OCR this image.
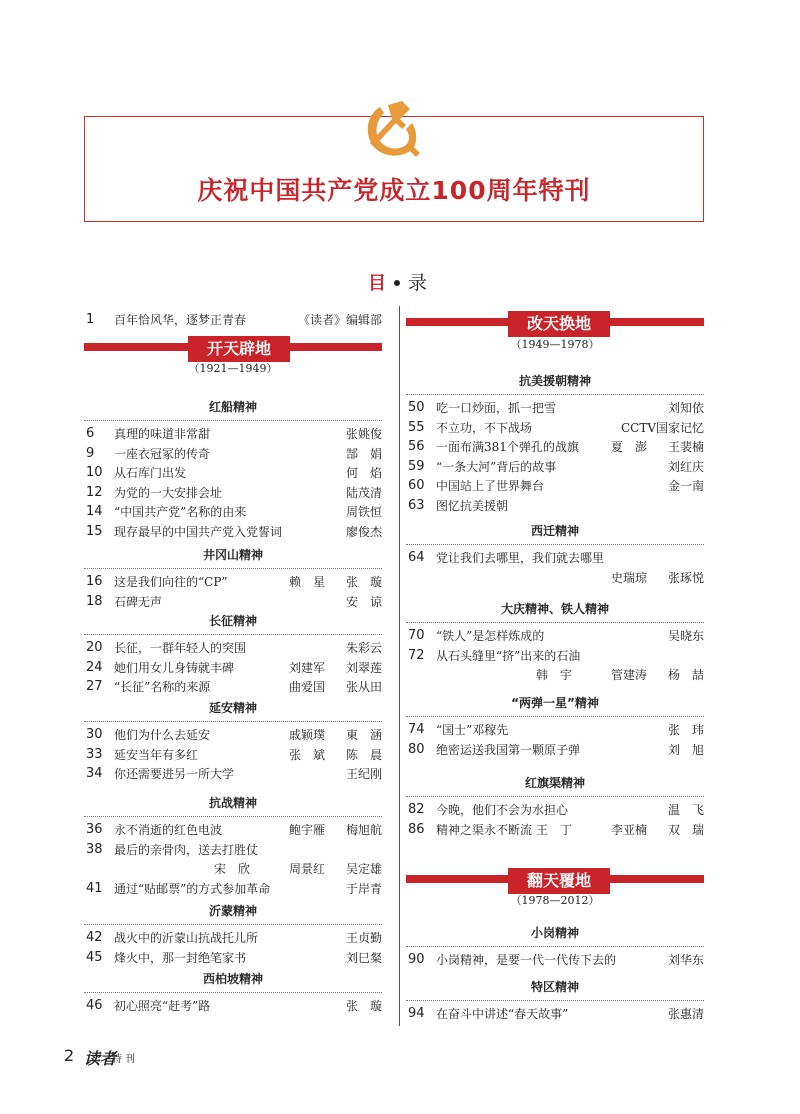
庆祝中国共产党成立100周年特刊
目 录
1 百年恰风华，逐梦正青春	《读者》编辑部
开天辟地
（1921—1949）
红船精神
6 真理的味道非常甜	张姚俊
9 一座衣冠冢的传奇	郜　娟
10 从石库门出发	何　焰
12 为党的一大安排会址	陆茂清
14 “中国共产党”名称的由来	周铁恒
15 现存最早的中国共产党入党誓词	廖俊杰
井冈山精神
16 这是我们向往的“CP”	赖　星 张　璇
18 石碑无声	安　谅
长征精神
20 长征，一群年轻人的突围	朱彩云
24 她们用女儿身铸就丰碑	刘建军 刘翠莲
27 “长征”名称的来源	曲爱国 张从田
延安精神
30 他们为什么去延安	戚颖璞 東　涵
33 延安当年有多红	张　斌 陈　晨
34 你还需要进另一所大学	王纪刚
抗战精神
36 永不消逝的红色电波	鲍宇雁 梅旭航
38 最后的亲骨肉，送去打胜仗
宋　欣	周景红 吴定雄
41 通过“贴邮票”的方式参加革命	于岸青
沂蒙精神
42 战火中的沂蒙山抗战托儿所	王贞勤
45 烽火中，那一封绝笔家书	刘巳粲
西柏坡精神
46 初心照亮“赶考”路	张　璇
改天换地
（1949—1978）
翻天覆地
（1978—2012）
抗美援朝精神
50 吃一口炒面，抓一把雪	刘知依
55 不立功，不下战场	CCTV国家记忆
56 一面布满381个弹孔的战旗	夏　澎 王裴楠
59 “一条大河”背后的故事	刘红庆
60 中国站上了世界舞台	金一南
63 图忆抗美援朝
西迁精神
64 党让我们去哪里，我们就去哪里
史瑞琼 张琢悦
大庆精神、铁人精神
70 “铁人”是怎样炼成的	吴晓东
72 从石头缝里“挤”出来的石油
韩　宇	管建涛 杨　喆
“两弹一星”精神
74 “国士”邓稼先	张　玮
80 绝密运送我国第一颗原子弹	刘　旭
红旗渠精神
82 今晚，他们不会为水担心	温　飞
86 精神之渠永不断流 王　丁	李亚楠 双　瑞
小岗精神
90 小岗精神，是要一代一代传下去的	刘华东
特区精神
94 在奋斗中讲述“春天故事”	张惠清
2 读者
特刊
